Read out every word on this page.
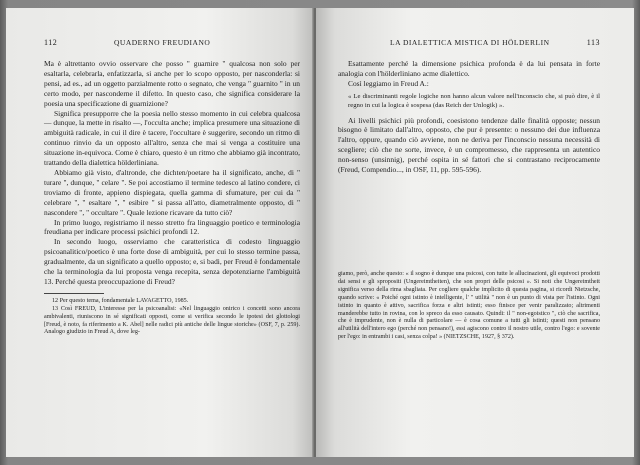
112	QUADERNO FREUDIANO

Ma è altrettanto ovvio osservare che posso " guarnire " qualcosa non solo per esaltarla, celebrarla, enfatizzarla, si anche per lo scopo opposto, per nasconderla: si pensi, ad es., ad un oggetto parzialmente rotto o segnato, che venga " guarnito " in un certo modo, per nasconderne il difetto. In questo caso, che significa considerare la poesia una specificazione di guarnizione?

Significa presupporre che la poesia nello stesso momento in cui celebra qualcosa — dunque, la mette in risalto —, l'occulta anche; implica presumere una situazione di ambiguità radicale, in cui il dire è tacere, l'occultare è suggerire, secondo un ritmo di continuo rinvio da un opposto all'altro, senza che mai si venga a costituire una situazione in-equivoca. Come è chiaro, questo è un ritmo che abbiamo già incontrato, trattando della dialettica hölderliniana.

Abbiamo già visto, d'altronde, che dichten/poetare ha il significato, anche, di " turare ", dunque, " celare ". Se poi accostiamo il termine tedesco al latino condere, ci troviamo di fronte, appieno dispiegata, quella gamma di sfumature, per cui da " celebrare ", " esaltare ", " esibire " si passa all'atto, diametralmente opposto, di " nascondere ", " occultare ". Quale lezione ricavare da tutto ciò?

In primo luogo, registriamo il nesso stretto fra linguaggio poetico e terminologia freudiana per indicare processi psichici profondi 12.

In secondo luogo, osserviamo che caratteristica di codesto linguaggio psicoanalitico/poetico è una forte dose di ambiguità, per cui lo stesso termine passa, gradualmente, da un significato a quello opposto; e, si badi, per Freud è fondamentale che la terminologia da lui proposta venga recepita, senza depotenziarne l'ambiguità 13. Perché questa preoccupazione di Freud?

12 Per questo tema, fondamentale LAVAGETTO, 1985.

13 Così FREUD, L'interesse per la psicoanalisi: «Nel linguaggio onirico i concetti sono ancora ambivalenti, riuniscono in sé significati opposti, come si verifica secondo le ipotesi dei glottologi [Freud, è noto, fa riferimento a K. Abel] nelle radici più antiche delle lingue storiche» (OSF, 7, p. 259). Analogo giudizio in Freud A, dove leg-

LA DIALETTICA MISTICA DI HÖLDERLIN	113

Esattamente perché la dimensione psichica profonda è da lui pensata in forte analogia con l'hölderliniano acme dialettico.

Così leggiamo in Freud A.:

« Le discriminanti regole logiche non hanno alcun valore nell'inconscio che, si può dire, è il regno in cui la logica è sospesa (das Reich der Unlogik) ».

Ai livelli psichici più profondi, coesistono tendenze dalle finalità opposte; nessun bisogno è limitato dall'altro, opposto, che pur è presente: o nessuno dei due influenza l'altro, oppure, quando ciò avviene, non ne deriva per l'inconscio nessuna necessità di scegliere; ciò che ne sorte, invece, è un compromesso, che rappresenta un autentico non-senso (unsinnig), perché ospita in sé fattori che si contrastano reciprocamente (Freud, Compendio..., in OSF, 11, pp. 595-596).

giamo, però, anche questo: « il sogno è dunque una psicosi, con tutte le allucinazioni, gli equivoci prodotti dai sensi e gli spropositi (Ungereimtheiten), che son propri delle psicosi ». Si noti che Ungereimtheit significa verso della rima sbagliata. Per cogliere qualche implicito di questa pagina, si ricordi Nietzsche, quando scrive: « Poiché ogni istinto è intelligente, l' " utilità " non è un punto di vista per l'istinto. Ogni istinto in quanto è attivo, sacrifica forza e altri istinti; esso finisce per venir paralizzato; altrimenti manderebbe tutto in rovina, con lo spreco da esso causato. Quindi: il " non-egoistico ", ciò che sacrifica, che è imprudente, non è nulla di particolare — è cosa comune a tutti gli istinti; questi non pensano all'utilità dell'intero ego (perché non pensano!), essi agiscono contro il nostro utile, contro l'ego: e sovente per l'ego: in entrambi i casi, senza colpa! » (NIETZSCHE, 1927, § 372).
